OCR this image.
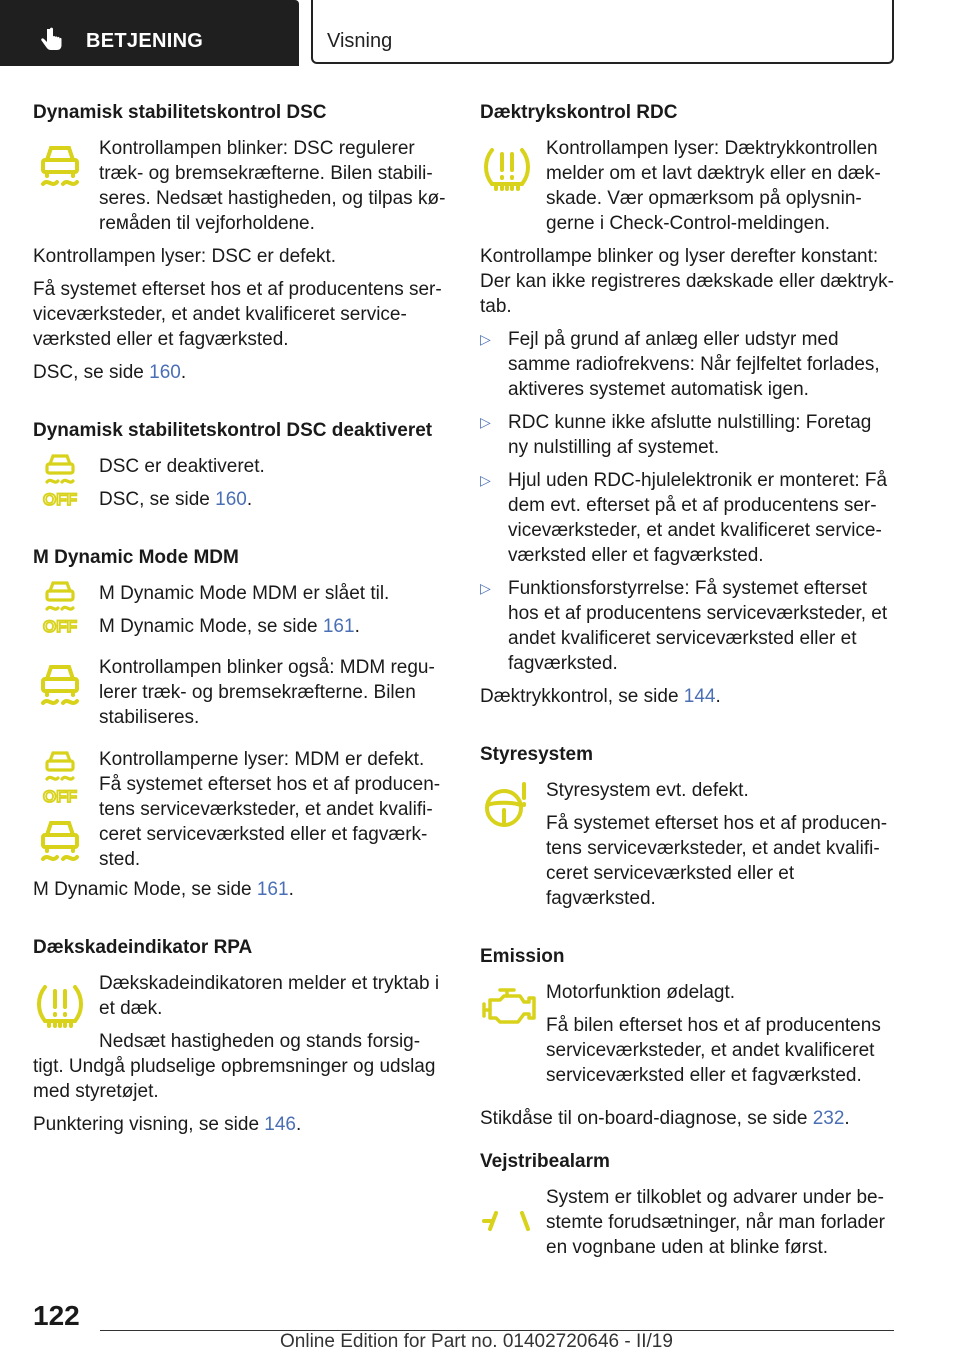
BETJENING	Visning
Dynamisk stabilitetskontrol DSC

Kontrollampen blinker: DSC regulerer træk- og bremsekræfterne. Bilen stabili-seres. Nedsæt hastigheden, og tilpas kø-reмåden til vejforholdene.

Kontrollampen lyser: DSC er defekt.

Få systemet efterset hos et af producentens ser-viceværksteder, et andet kvalificeret service-værksted eller et fagværksted.

DSC, se side 160.

Dynamisk stabilitetskontrol DSC deaktiveret
OFF

DSC er deaktiveret.

DSC, se side 160.

M Dynamic Mode MDM
OFF

M Dynamic Mode MDM er slået til.

M Dynamic Mode, se side 161.

Kontrollampen blinker også: MDM regu-lerer træk- og bremsekræfterne. Bilen stabiliseres.

OFF

Kontrollamperne lyser: MDM er defekt. Få systemet efterset hos et af producen-tens serviceværksteder, et andet kvalifi-ceret serviceværksted eller et fagværk-sted.

M Dynamic Mode, se side 161.

Dækskadeindikator RPA

Dækskadeindikatoren melder et tryktab i et dæk.

Nedsæt hastigheden og stands forsig-tigt. Undgå pludselige opbremsninger og udslag med styretøjet.

Punktering visning, se side 146.

Dæktrykskontrol RDC

Kontrollampen lyser: Dæktrykkontrollen melder om et lavt dæktryk eller en dæk-skade. Vær opmærksom på oplysnin-gerne i Check-Control-meldingen.

Kontrollampe blinker og lyser derefter konstant: Der kan ikke registreres dækskade eller dæktryk-tab.

▷ Fejl på grund af anlæg eller udstyr med samme radiofrekvens: Når fejlfeltet forlades, aktiveres systemet automatisk igen.
▷ RDC kunne ikke afslutte nulstilling: Foretag ny nulstilling af systemet.
▷ Hjul uden RDC-hjulelektronik er monteret: Få dem evt. efterset på et af producentens ser-viceværksteder, et andet kvalificeret service-værksted eller et fagværksted.
▷ Funktionsforstyrrelse: Få systemet efterset hos et af producentens serviceværksteder, et andet kvalificeret serviceværksted eller et fagværksted.

Dæktrykkontrol, se side 144.

Styresystem

Styresystem evt. defekt.

Få systemet efterset hos et af producen-tens serviceværksteder, et andet kvalifi-ceret serviceværksted eller et fagværksted.

Emission

Motorfunktion ødelagt.

Få bilen efterset hos et af producentens serviceværksteder, et andet kvalificeret serviceværksted eller et fagværksted.

Stikdåse til on-board-diagnose, se side 232.

Vejstribealarm

System er tilkoblet og advarer under be-stemte forudsætninger, når man forlader en vognbane uden at blinke først.

122
Online Edition for Part no. 01402720646 - II/19
